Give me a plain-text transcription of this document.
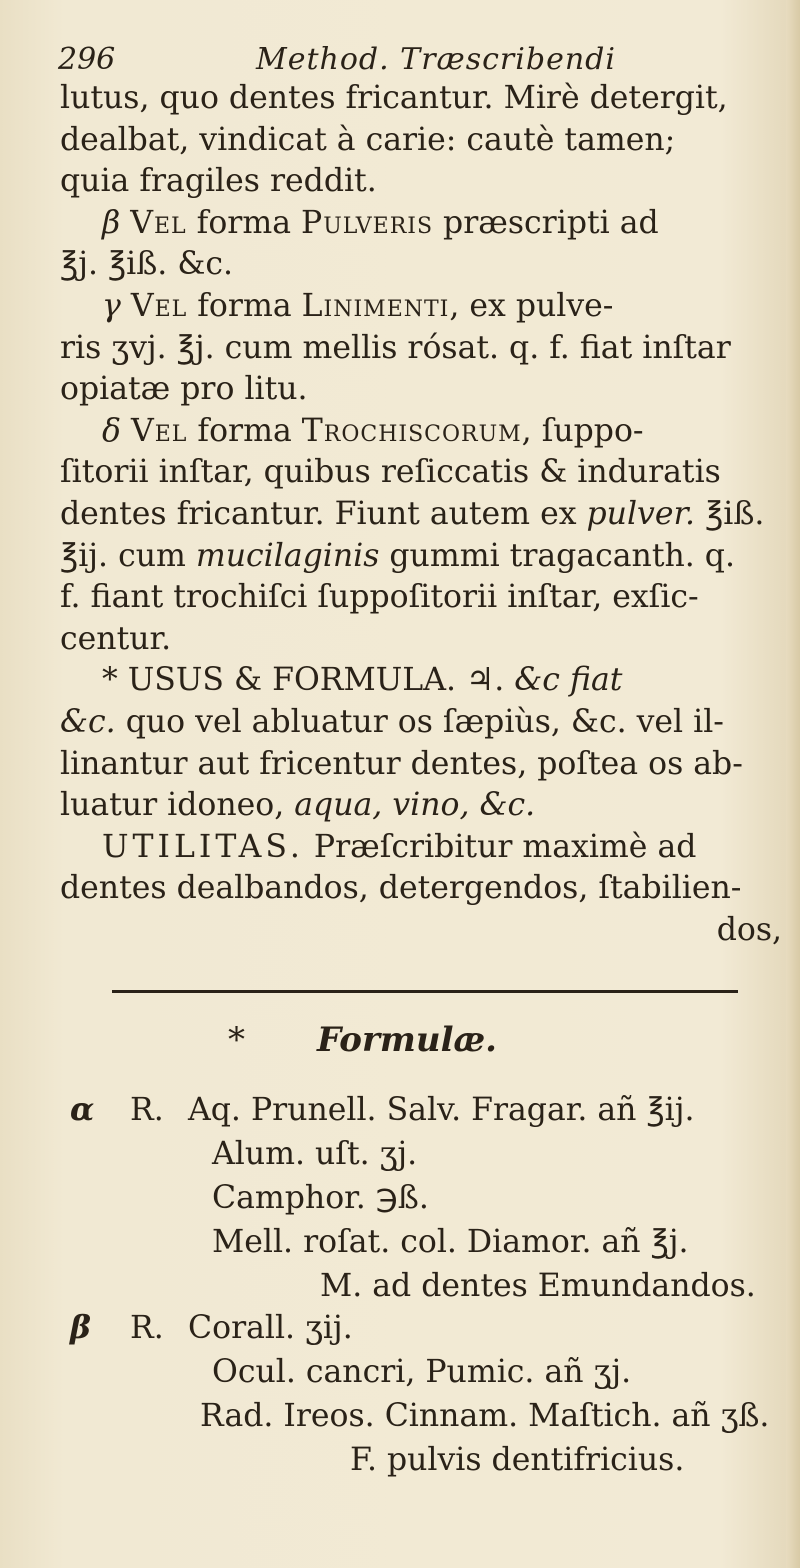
296	Method. Træscribendi
lutus, quo dentes fricantur. Mirè detergit,
dealbat, vindicat à carie: cautè tamen;
quia fragiles reddit.
β Vel forma Pulveris præscripti ad
℥j. ℥iß. &c.
γ Vel forma Linimenti, ex pulve-
ris ʒvj. ℥j. cum mellis rósat. q. f. fiat inſtar
opiatæ pro litu.
δ Vel forma Trochiscorum, ſuppo-
ſitorii inſtar, quibus reſiccatis & induratis
dentes fricantur. Fiunt autem ex pulver. ℥iß.
℥ij. cum mucilaginis gummi tragacanth. q.
f. fiant trochiſci ſuppoſitorii inſtar, exſic-
centur.
* USUS & FORMULA. ♃. &c fiat
&c. quo vel abluatur os ſæpiùs, &c. vel il-
linantur aut fricentur dentes, poſtea os ab-
luatur idoneo, aqua, vino, &c.
UTILITAS. Præſcribitur maximè ad
dentes dealbandos, detergendos, ſtabilien-
dos,
* Formulæ.
α R. Aq. Prunell. Salv. Fragar. añ ℥ij.
Alum. uſt. ʒj.
Camphor. ℈ß.
Mell. roſat. col. Diamor. añ ℥j.
M. ad dentes Emundandos.
β R. Corall. ʒij.
Ocul. cancri, Pumic. añ ʒj.
Rad. Ireos. Cinnam. Maſtich. añ ʒß.
F. pulvis dentifricius.
